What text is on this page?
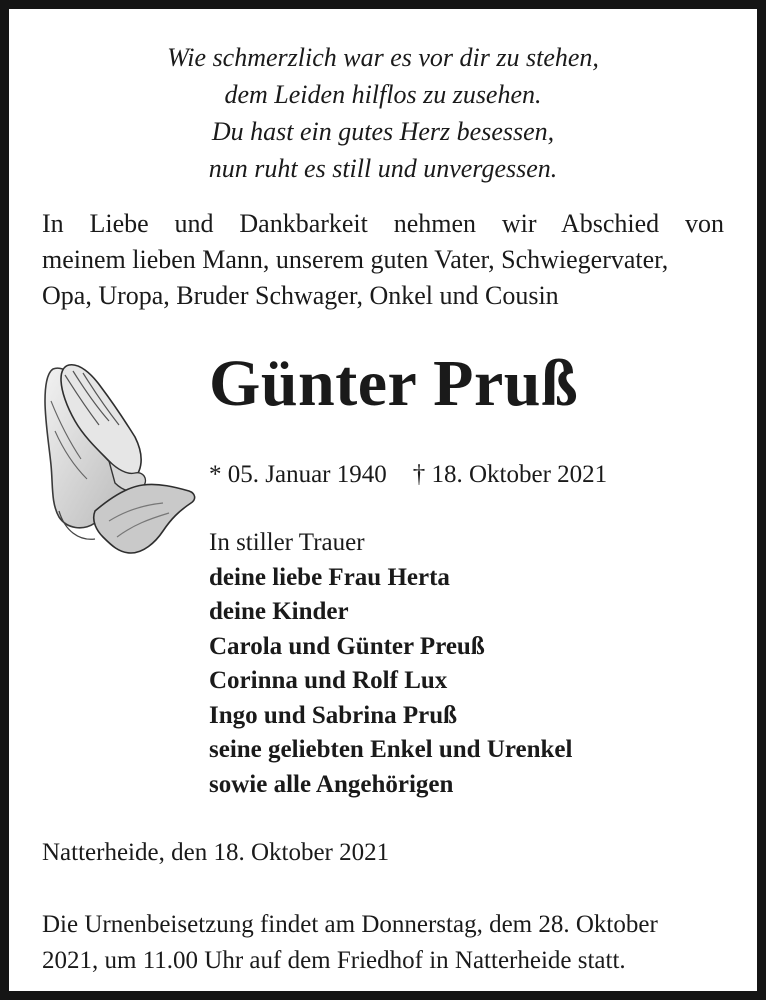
Wie schmerzlich war es vor dir zu stehen,
dem Leiden hilflos zu zusehen.
Du hast ein gutes Herz besessen,
nun ruht es still und unvergessen.
In Liebe und Dankbarkeit nehmen wir Abschied von
meinem lieben Mann, unserem guten Vater, Schwiegervater,
Opa, Uropa, Bruder Schwager, Onkel und Cousin
Günter Pruß
* 05. Januar 1940 † 18. Oktober 2021
In stiller Trauer
deine liebe Frau Herta
deine Kinder
Carola und Günter Preuß
Corinna und Rolf Lux
Ingo und Sabrina Pruß
seine geliebten Enkel und Urenkel
sowie alle Angehörigen
Natterheide, den 18. Oktober 2021
Die Urnenbeisetzung findet am Donnerstag, dem 28. Oktober
2021, um 11.00 Uhr auf dem Friedhof in Natterheide statt.
